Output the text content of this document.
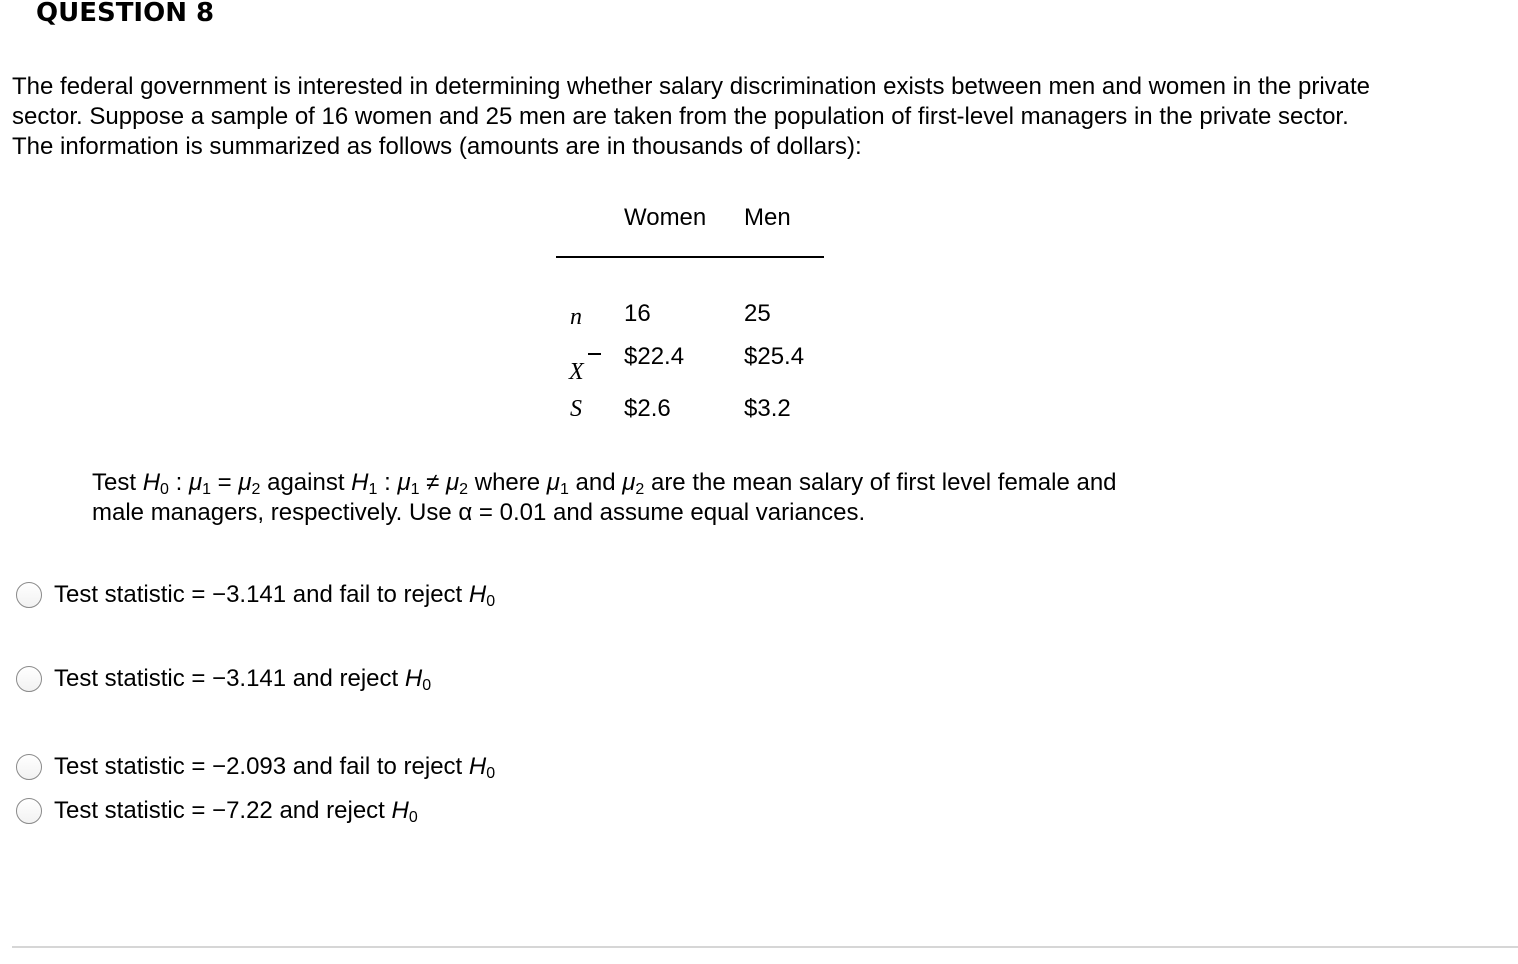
QUESTION 8
The federal government is interested in determining whether salary discrimination exists between men and women in the private
sector. Suppose a sample of 16 women and 25 men are taken from the population of first-level managers in the private sector.
The information is summarized as follows (amounts are in thousands of dollars):
Women Men
n 16	25
X
$22.4 $25.4
S $2.6	$3.2
Test $H_0$ : $\mu_1 = \mu_2$ against $H_1$ : $\mu_1 \ne \mu_2$ where $\mu_1$ and $\mu_2$ are the mean salary of first level female and
male managers, respectively. Use α = 0.01 and assume equal variances.
Test statistic = −3.141 and fail to reject $H_0$
Test statistic = −3.141 and reject $H_0$
Test statistic = −2.093 and fail to reject $H_0$
Test statistic = −7.22 and reject $H_0$
